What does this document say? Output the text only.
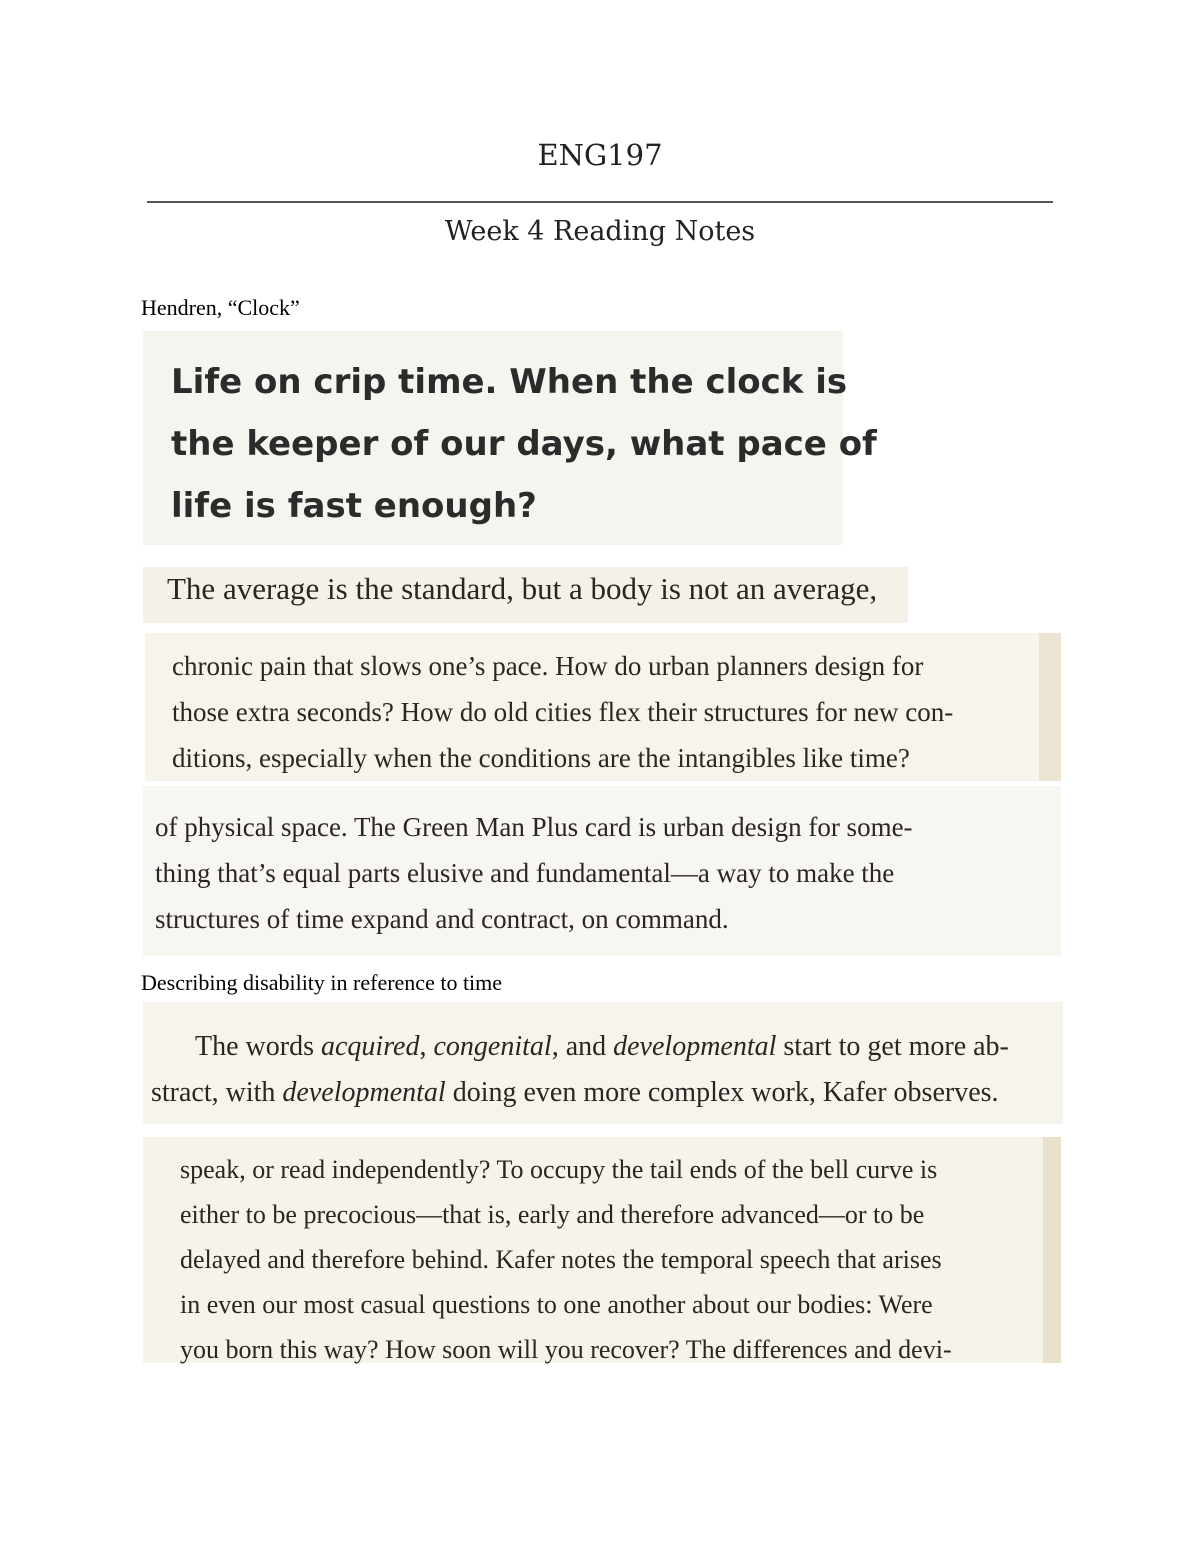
ENG197
Week 4 Reading Notes
Hendren, “Clock”
Life on crip time. When the clock is
the keeper of our days, what pace of
life is fast enough?
The average is the standard, but a body is not an average,
chronic pain that slows one’s pace. How do urban planners design for
those extra seconds? How do old cities flex their structures for new con-
ditions, especially when the conditions are the intangibles like time?
of physical space. The Green Man Plus card is urban design for some-
thing that’s equal parts elusive and fundamental—a way to make the
structures of time expand and contract, on command.
Describing disability in reference to time
The words acquired, congenital, and developmental start to get more ab-
stract, with developmental doing even more complex work, Kafer observes.
speak, or read independently? To occupy the tail ends of the bell curve is
either to be precocious—that is, early and therefore advanced—or to be
delayed and therefore behind. Kafer notes the temporal speech that arises
in even our most casual questions to one another about our bodies: Were
you born this way? How soon will you recover? The differences and devi-
